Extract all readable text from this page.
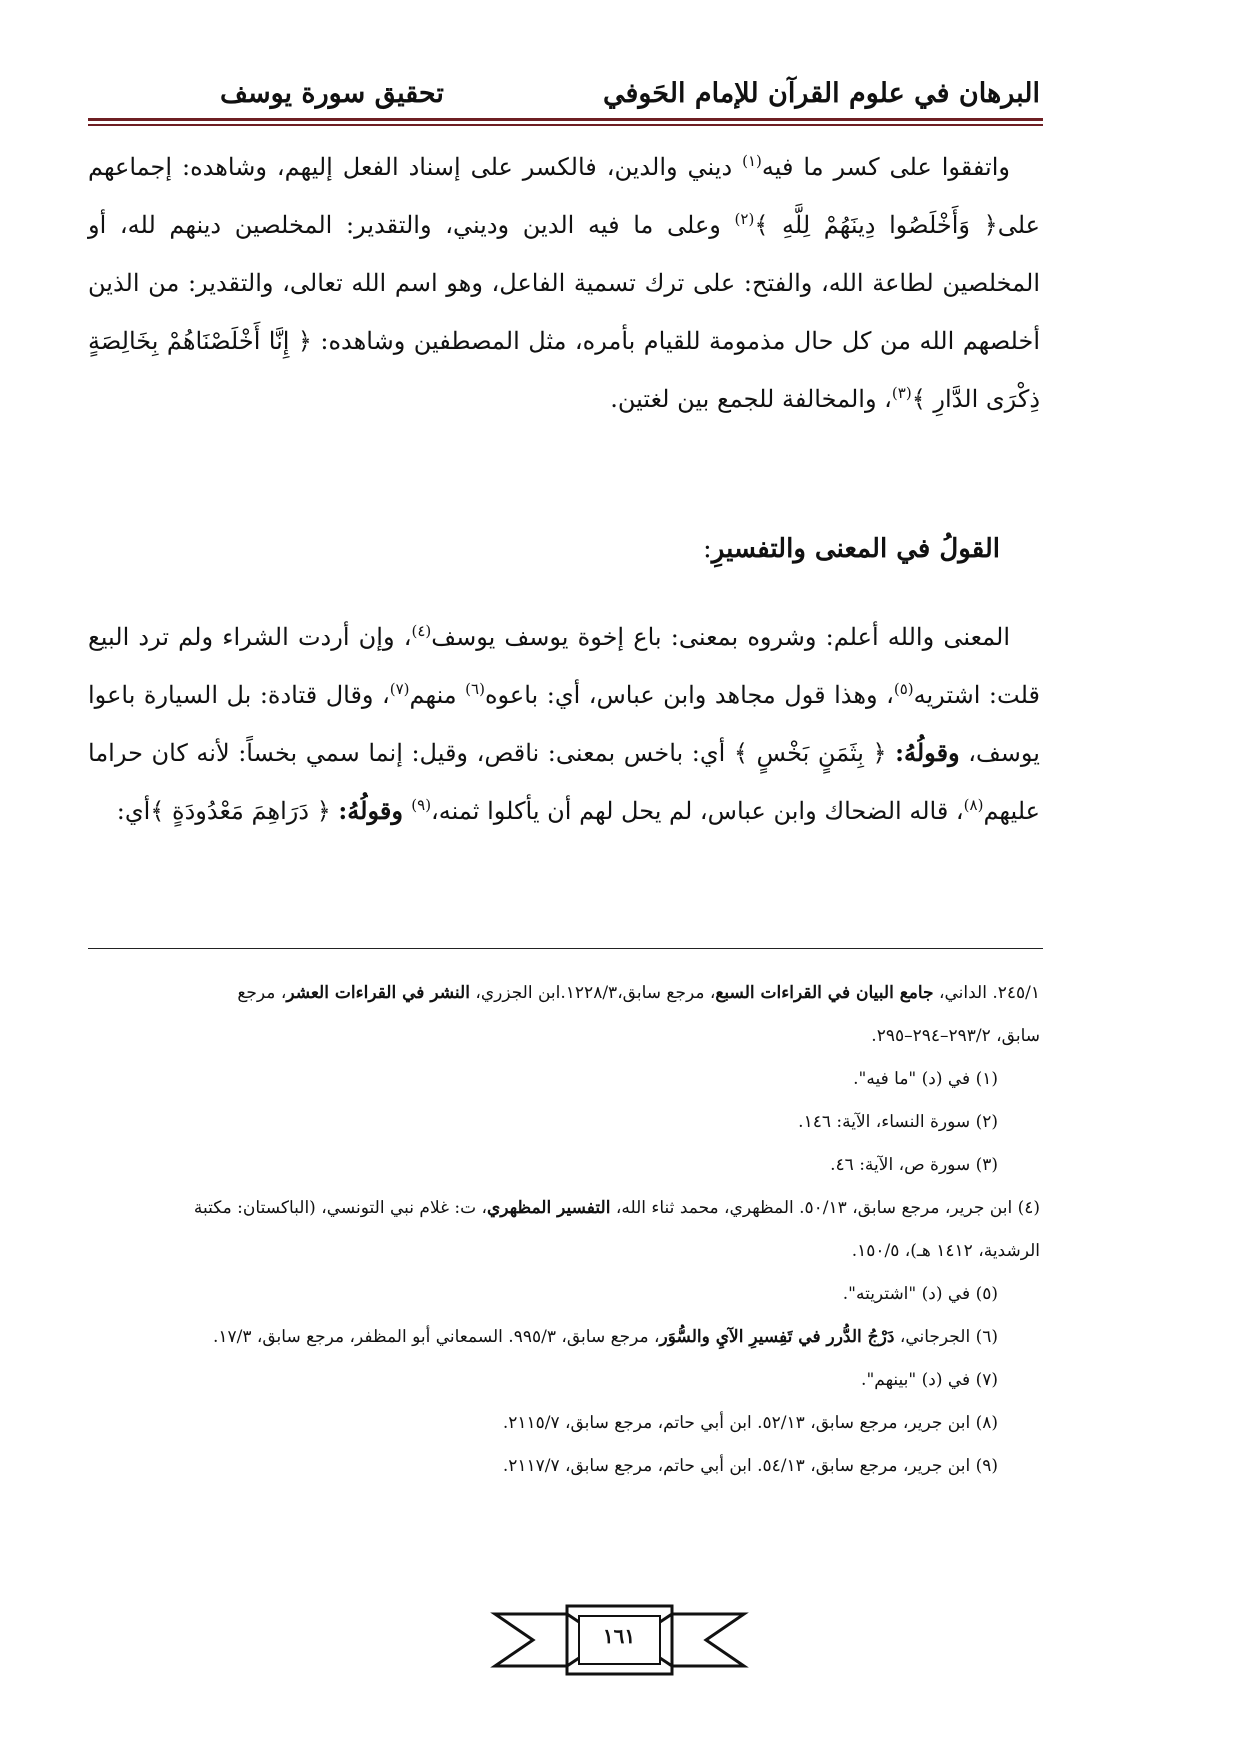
البرهان في علوم القرآن للإمام الحَوفي
تحقيق سورة يوسف

واتفقوا على كسر ما فيه$^{(١)}$ ديني والدين، فالكسر على إسناد الفعل إليهم، وشاهده: إجماعهم على﴿ وَأَخْلَصُوا دِينَهُمْ لِلَّهِ ﴾$^{(٢)}$ وعلى ما فيه الدين وديني، والتقدير: المخلصين دينهم لله، أو المخلصين لطاعة الله، والفتح: على ترك تسمية الفاعل، وهو اسم الله تعالى، والتقدير: من الذين أخلصهم الله من كل حال مذمومة للقيام بأمره، مثل المصطفين وشاهده: ﴿ إِنَّا أَخْلَصْنَاهُمْ بِخَالِصَةٍ ذِكْرَى الدَّارِ ﴾$^{(٣)}$، والمخالفة للجمع بين لغتين.

القولُ في المعنى والتفسيرِ:

المعنى والله أعلم: وشروه بمعنى: باع إخوة يوسف يوسف$^{(٤)}$، وإن أردت الشراء ولم ترد البيع قلت: اشتريه$^{(٥)}$، وهذا قول مجاهد وابن عباس، أي: باعوه$^{(٦)}$ منهم$^{(٧)}$، وقال قتادة: بل السيارة باعوا يوسف، وقولُهُ: ﴿ بِثَمَنٍ بَخْسٍ ﴾ أي: باخس بمعنى: ناقص، وقيل: إنما سمي بخساً: لأنه كان حراما عليهم$^{(٨)}$، قاله الضحاك وابن عباس، لم يحل لهم أن يأكلوا ثمنه،$^{(٩)}$ وقولُهُ: ﴿ دَرَاهِمَ مَعْدُودَةٍ ﴾أي:

٢٤٥/١. الداني، جامع البيان في القراءات السبع، مرجع سابق،١٢٢٨/٣.ابن الجزري، النشر في القراءات العشر، مرجع
سابق، ٢٩٣/٢–٢٩٤–٢٩٥.
(١) في (د) "ما فيه".
(٢) سورة النساء، الآية: ١٤٦.
(٣) سورة ص، الآية: ٤٦.
(٤) ابن جرير، مرجع سابق، ٥٠/١٣. المظهري، محمد ثناء الله، التفسير المظهري، ت: غلام نبي التونسي، (الباكستان: مكتبة
الرشدية، ١٤١٢ هـ)، ١٥٠/٥.
(٥) في (د) "اشتريته".
(٦) الجرجاني، دَرْجُ الدُّرر في تَفِسيرِ الآيِ والسُّوَر، مرجع سابق، ٩٩٥/٣. السمعاني أبو المظفر، مرجع سابق، ١٧/٣.
(٧) في (د) "بينهم".
(٨) ابن جرير، مرجع سابق، ٥٢/١٣. ابن أبي حاتم، مرجع سابق، ٢١١٥/٧.
(٩) ابن جرير، مرجع سابق، ٥٤/١٣. ابن أبي حاتم، مرجع سابق، ٢١١٧/٧.
١٦١
